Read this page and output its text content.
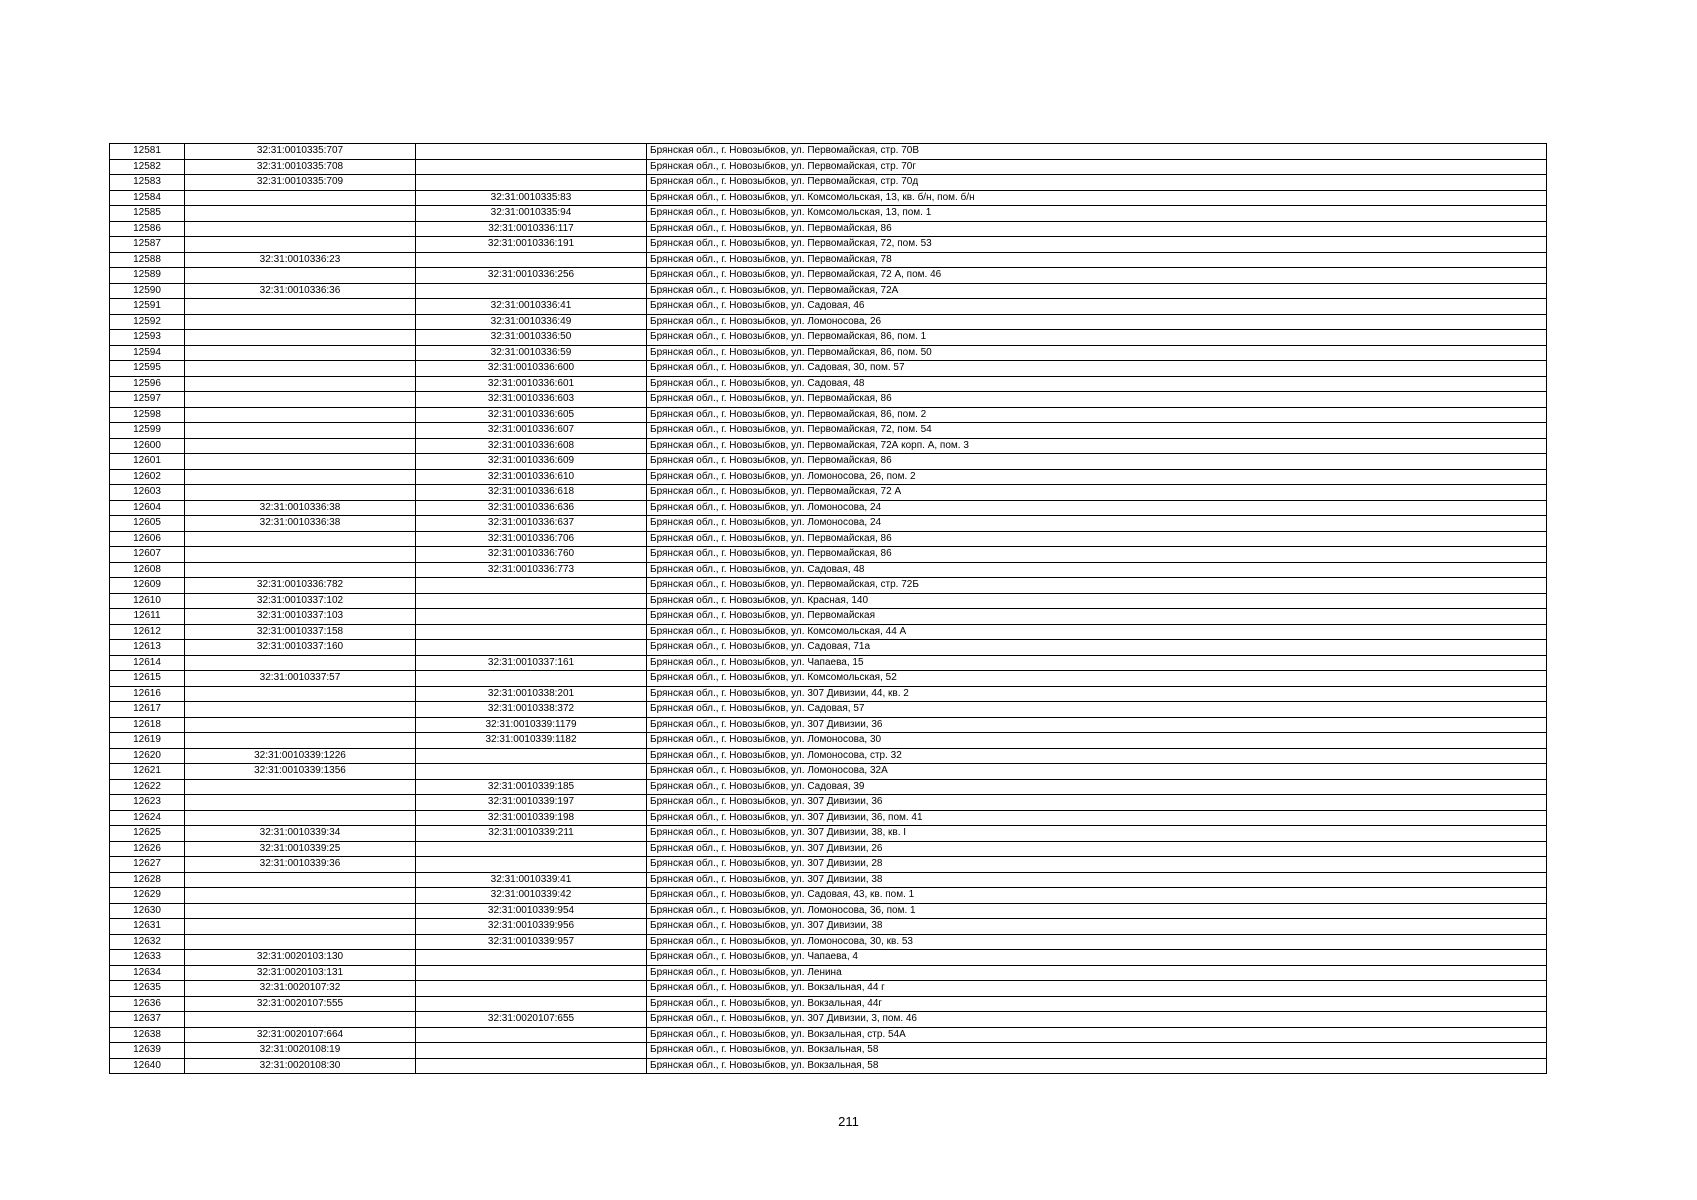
12581	32:31:0010335:707		Брянская обл., г. Новозыбков, ул. Первомайская, стр. 70В
12582	32:31:0010335:708		Брянская обл., г. Новозыбков, ул. Первомайская, стр. 70г
12583	32:31:0010335:709		Брянская обл., г. Новозыбков, ул. Первомайская, стр. 70д
12584		32:31:0010335:83	Брянская обл., г. Новозыбков, ул. Комсомольская, 13, кв. б/н, пом. б/н
12585		32:31:0010335:94	Брянская обл., г. Новозыбков, ул. Комсомольская, 13, пом. 1
12586		32:31:0010336:117	Брянская обл., г. Новозыбков, ул. Первомайская, 86
12587		32:31:0010336:191	Брянская обл., г. Новозыбков, ул. Первомайская, 72, пом. 53
12588	32:31:0010336:23		Брянская обл., г. Новозыбков, ул. Первомайская, 78
12589		32:31:0010336:256	Брянская обл., г. Новозыбков, ул. Первомайская, 72 А, пом. 46
12590	32:31:0010336:36		Брянская обл., г. Новозыбков, ул. Первомайская, 72А
12591		32:31:0010336:41	Брянская обл., г. Новозыбков, ул. Садовая, 46
12592		32:31:0010336:49	Брянская обл., г. Новозыбков, ул. Ломоносова, 26
12593		32:31:0010336:50	Брянская обл., г. Новозыбков, ул. Первомайская, 86, пом. 1
12594		32:31:0010336:59	Брянская обл., г. Новозыбков, ул. Первомайская, 86, пом. 50
12595		32:31:0010336:600	Брянская обл., г. Новозыбков, ул. Садовая, 30, пом. 57
12596		32:31:0010336:601	Брянская обл., г. Новозыбков, ул. Садовая, 48
12597		32:31:0010336:603	Брянская обл., г. Новозыбков, ул. Первомайская, 86
12598		32:31:0010336:605	Брянская обл., г. Новозыбков, ул. Первомайская, 86, пом. 2
12599		32:31:0010336:607	Брянская обл., г. Новозыбков, ул. Первомайская, 72, пом. 54
12600		32:31:0010336:608	Брянская обл., г. Новозыбков, ул. Первомайская, 72А корп. А, пом. 3
12601		32:31:0010336:609	Брянская обл., г. Новозыбков, ул. Первомайская, 86
12602		32:31:0010336:610	Брянская обл., г. Новозыбков, ул. Ломоносова, 26, пом. 2
12603		32:31:0010336:618	Брянская обл., г. Новозыбков, ул. Первомайская, 72 А
12604	32:31:0010336:38	32:31:0010336:636	Брянская обл., г. Новозыбков, ул. Ломоносова, 24
12605	32:31:0010336:38	32:31:0010336:637	Брянская обл., г. Новозыбков, ул. Ломоносова, 24
12606		32:31:0010336:706	Брянская обл., г. Новозыбков, ул. Первомайская, 86
12607		32:31:0010336:760	Брянская обл., г. Новозыбков, ул. Первомайская, 86
12608		32:31:0010336:773	Брянская обл., г. Новозыбков, ул. Садовая, 48
12609	32:31:0010336:782		Брянская обл., г. Новозыбков, ул. Первомайская, стр. 72Б
12610	32:31:0010337:102		Брянская обл., г. Новозыбков, ул. Красная, 140
12611	32:31:0010337:103		Брянская обл., г. Новозыбков, ул. Первомайская
12612	32:31:0010337:158		Брянская обл., г. Новозыбков, ул. Комсомольская, 44 А
12613	32:31:0010337:160		Брянская обл., г. Новозыбков, ул. Садовая, 71а
12614		32:31:0010337:161	Брянская обл., г. Новозыбков, ул. Чапаева, 15
12615	32:31:0010337:57		Брянская обл., г. Новозыбков, ул. Комсомольская, 52
12616		32:31:0010338:201	Брянская обл., г. Новозыбков, ул. 307 Дивизии, 44, кв. 2
12617		32:31:0010338:372	Брянская обл., г. Новозыбков, ул. Садовая, 57
12618		32:31:0010339:1179	Брянская обл., г. Новозыбков, ул. 307 Дивизии, 36
12619		32:31:0010339:1182	Брянская обл., г. Новозыбков, ул. Ломоносова, 30
12620	32:31:0010339:1226		Брянская обл., г. Новозыбков, ул. Ломоносова, стр. 32
12621	32:31:0010339:1356		Брянская обл., г. Новозыбков, ул. Ломоносова, 32А
12622		32:31:0010339:185	Брянская обл., г. Новозыбков, ул. Садовая, 39
12623		32:31:0010339:197	Брянская обл., г. Новозыбков, ул. 307 Дивизии, 36
12624		32:31:0010339:198	Брянская обл., г. Новозыбков, ул. 307 Дивизии, 36, пом. 41
12625	32:31:0010339:34	32:31:0010339:211	Брянская обл., г. Новозыбков, ул. 307 Дивизии, 38, кв. I
12626	32:31:0010339:25		Брянская обл., г. Новозыбков, ул. 307 Дивизии, 26
12627	32:31:0010339:36		Брянская обл., г. Новозыбков, ул. 307 Дивизии, 28
12628		32:31:0010339:41	Брянская обл., г. Новозыбков, ул. 307 Дивизии, 38
12629		32:31:0010339:42	Брянская обл., г. Новозыбков, ул. Садовая, 43, кв. пом. 1
12630		32:31:0010339:954	Брянская обл., г. Новозыбков, ул. Ломоносова, 36, пом. 1
12631		32:31:0010339:956	Брянская обл., г. Новозыбков, ул. 307 Дивизии, 38
12632		32:31:0010339:957	Брянская обл., г. Новозыбков, ул. Ломоносова, 30, кв. 53
12633	32:31:0020103:130		Брянская обл., г. Новозыбков, ул. Чапаева, 4
12634	32:31:0020103:131		Брянская обл., г. Новозыбков, ул. Ленина
12635	32:31:0020107:32		Брянская обл., г. Новозыбков, ул. Вокзальная, 44 г
12636	32:31:0020107:555		Брянская обл., г. Новозыбков, ул. Вокзальная, 44г
12637		32:31:0020107:655	Брянская обл., г. Новозыбков, ул. 307 Дивизии, 3, пом. 46
12638	32:31:0020107:664		Брянская обл., г. Новозыбков, ул. Вокзальная, стр. 54А
12639	32:31:0020108:19		Брянская обл., г. Новозыбков, ул. Вокзальная, 58
12640	32:31:0020108:30		Брянская обл., г. Новозыбков, ул. Вокзальная, 58
211
